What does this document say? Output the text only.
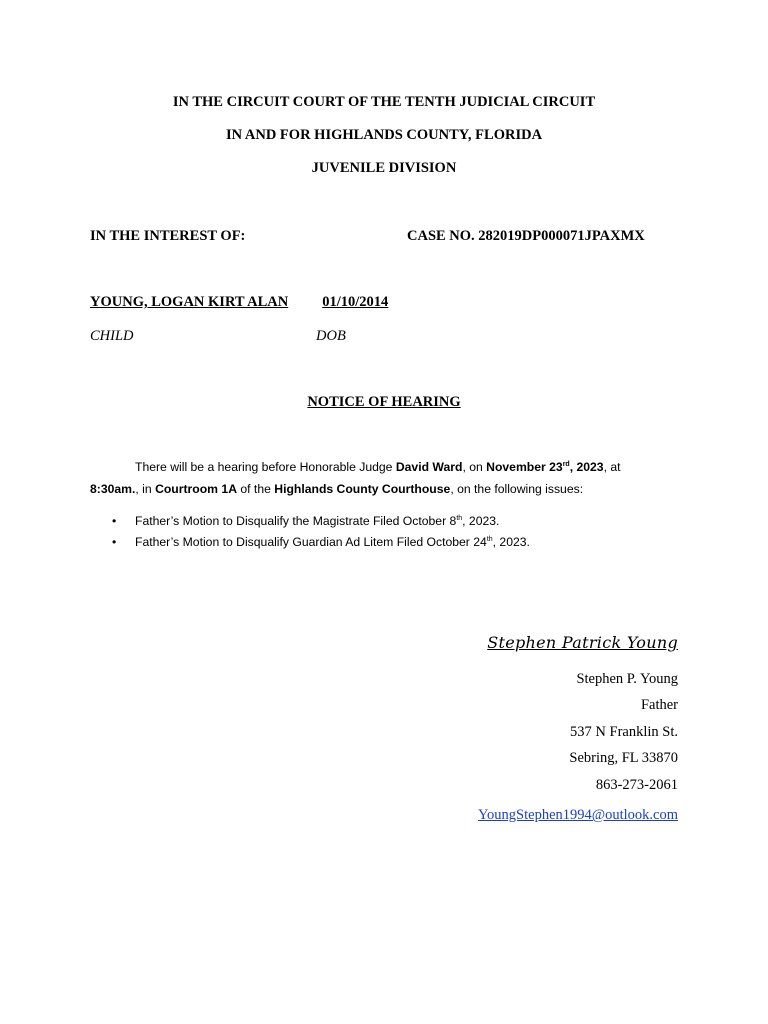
IN THE CIRCUIT COURT OF THE TENTH JUDICIAL CIRCUIT
IN AND FOR HIGHLANDS COUNTY, FLORIDA
JUVENILE DIVISION
IN THE INTEREST OF:	CASE NO. 282019DP000071JPAXMX
YOUNG, LOGAN KIRT ALAN 01/10/2014
CHILD	DOB
NOTICE OF HEARING
There will be a hearing before Honorable Judge David Ward, on November 23rd, 2023, at
8:30am., in Courtroom 1A of the Highlands County Courthouse, on the following issues:
• Father’s Motion to Disqualify the Magistrate Filed October 8th, 2023.
• Father’s Motion to Disqualify Guardian Ad Litem Filed October 24th, 2023.
Stephen Patrick Young
Stephen P. Young
Father
537 N Franklin St.
Sebring, FL 33870
863-273-2061
YoungStephen1994@outlook.com
